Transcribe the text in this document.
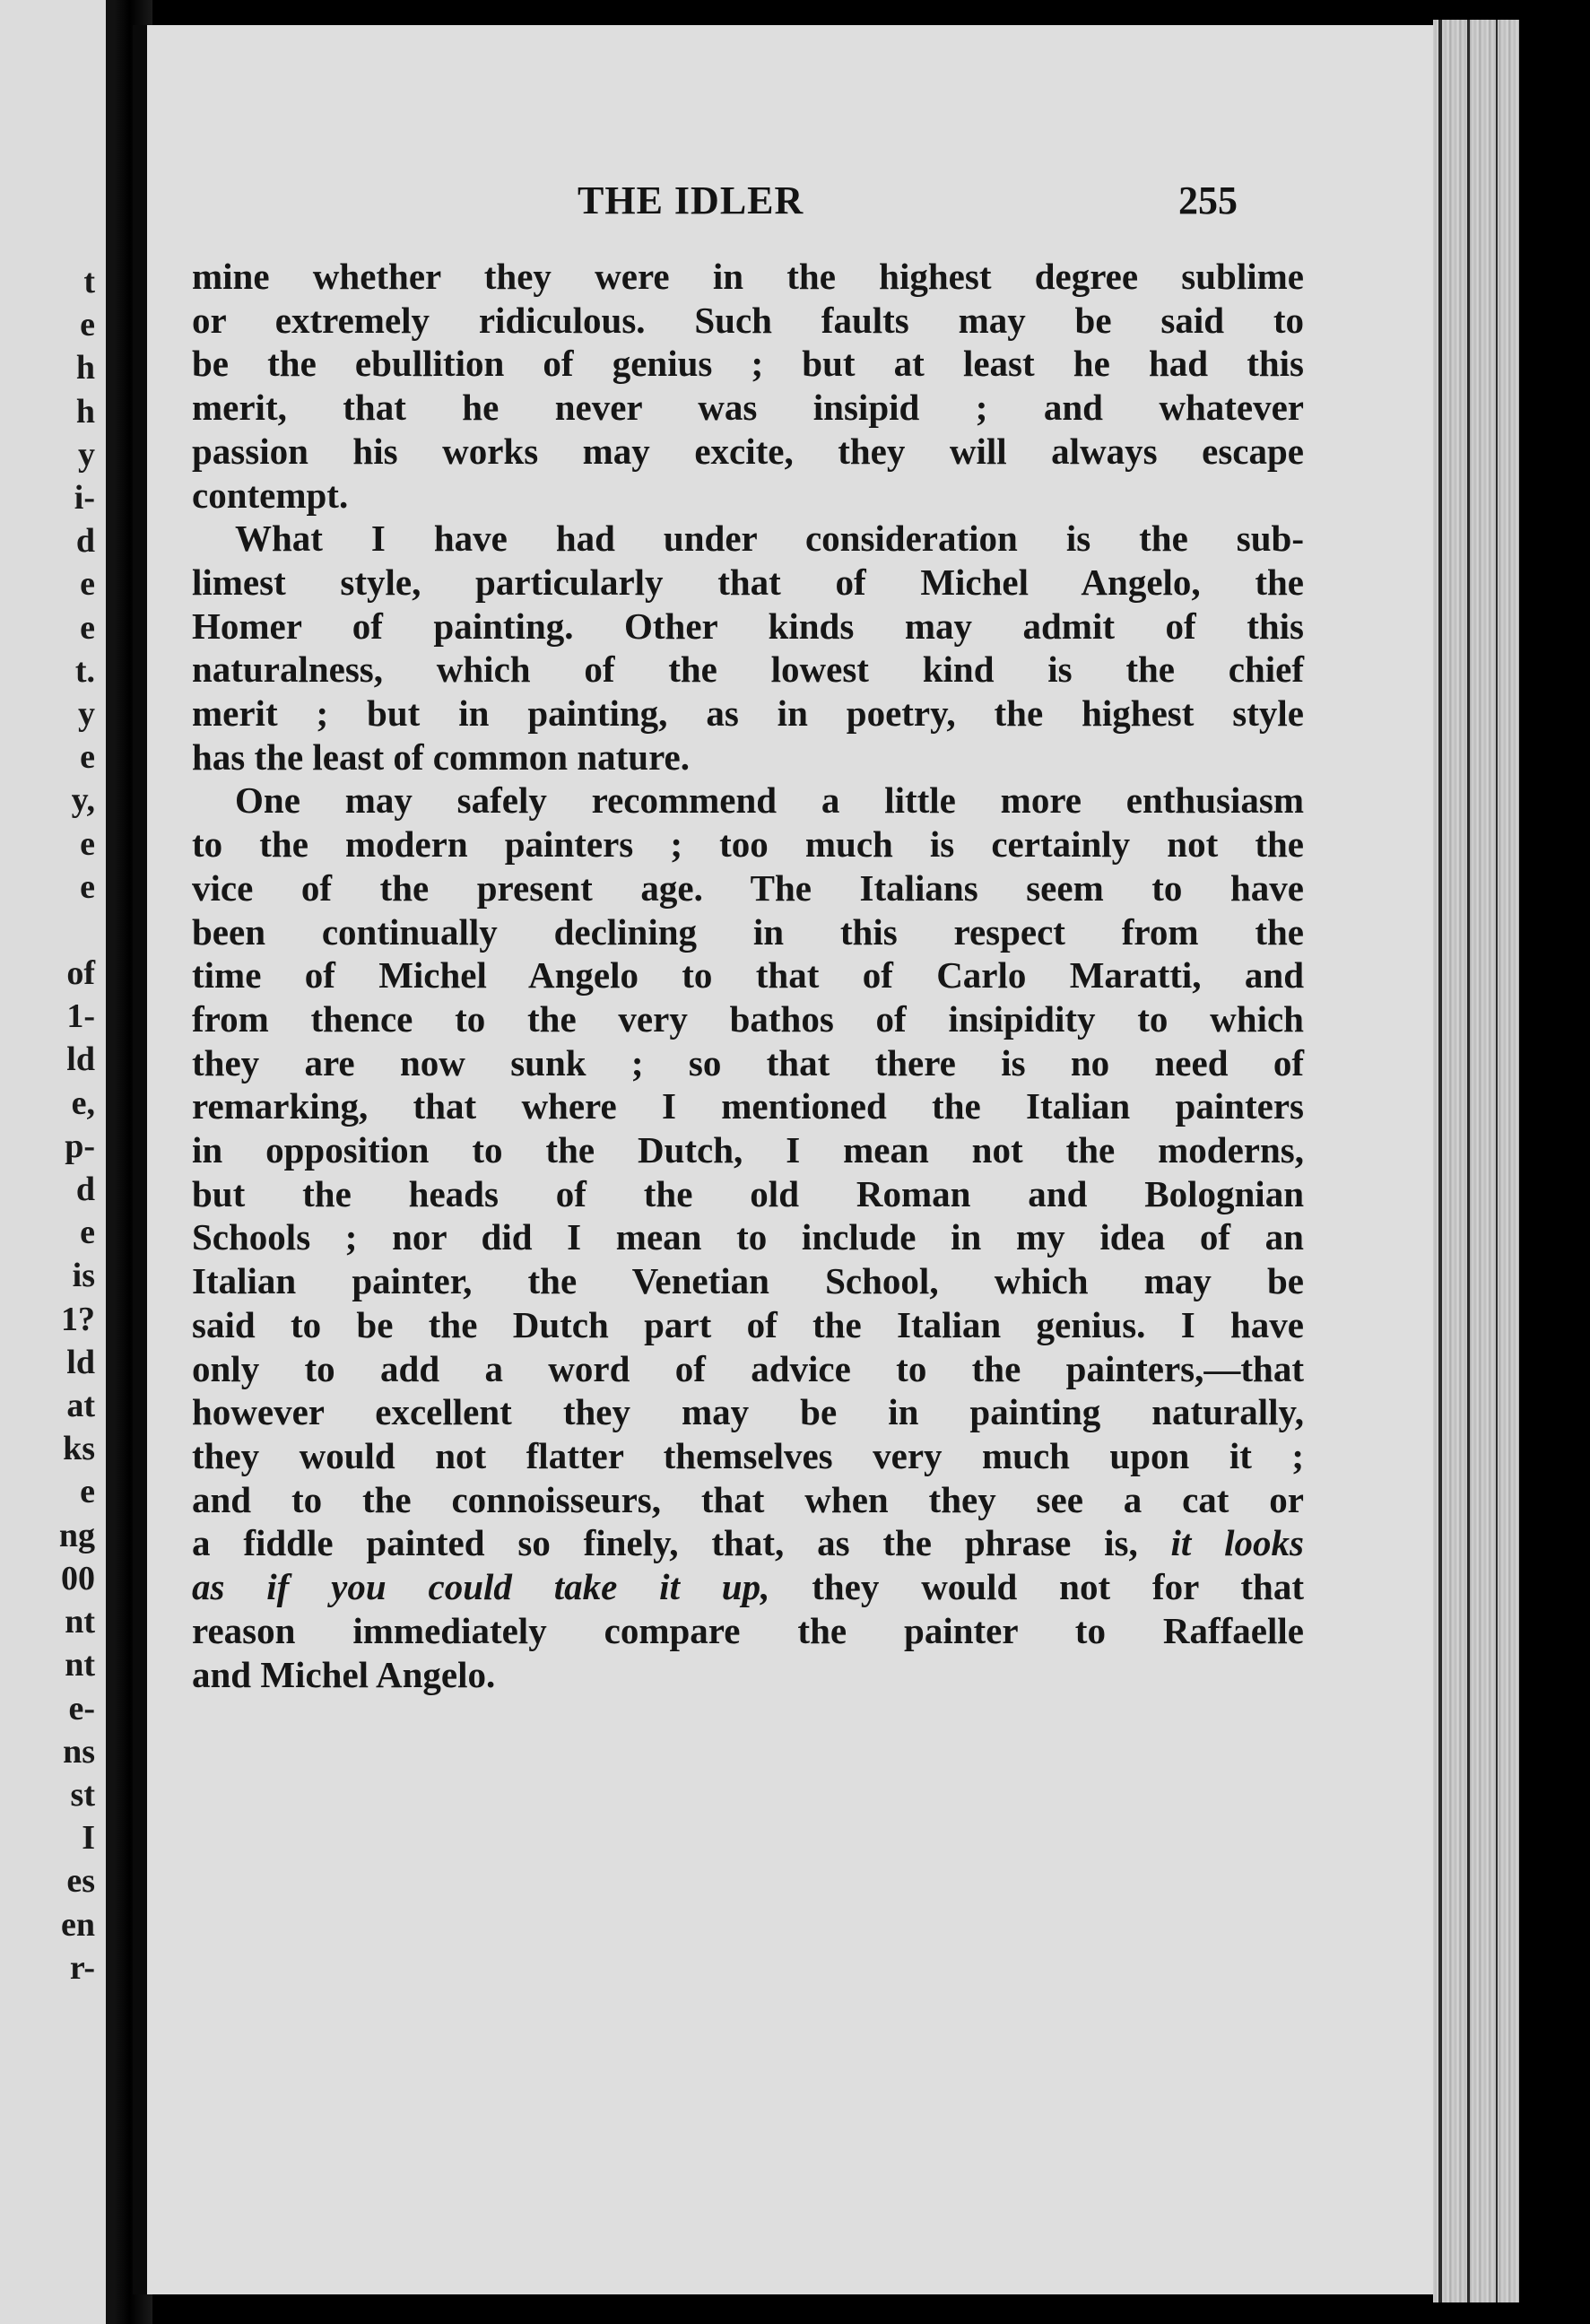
t
e
h
h
y
i-
d
e
e
t.
y
e
y,
e
e
of
1-
ld
e,
p-
d
e
is
1?
ld
at
ks
e
ng
00
nt
nt
e-
ns
st
I
es
en
r-
THE IDLER	255

mine whether they were in the highest degree sublime
or extremely ridiculous. Such faults may be said to
be the ebullition of genius ; but at least he had this
merit, that he never was insipid ; and whatever
passion his works may excite, they will always escape
contempt.

What I have had under consideration is the sub-
limest style, particularly that of Michel Angelo, the
Homer of painting. Other kinds may admit of this
naturalness, which of the lowest kind is the chief
merit ; but in painting, as in poetry, the highest style
has the least of common nature.

One may safely recommend a little more enthusiasm
to the modern painters ; too much is certainly not the
vice of the present age. The Italians seem to have
been continually declining in this respect from the
time of Michel Angelo to that of Carlo Maratti, and
from thence to the very bathos of insipidity to which
they are now sunk ; so that there is no need of
remarking, that where I mentioned the Italian painters
in opposition to the Dutch, I mean not the moderns,
but the heads of the old Roman and Bolognian
Schools ; nor did I mean to include in my idea of an
Italian painter, the Venetian School, which may be
said to be the Dutch part of the Italian genius. I have
only to add a word of advice to the painters,—that
however excellent they may be in painting naturally,
they would not flatter themselves very much upon it ;
and to the connoisseurs, that when they see a cat or
a fiddle painted so finely, that, as the phrase is, it looks
as if you could take it up, they would not for that
reason immediately compare the painter to Raffaelle
and Michel Angelo.
